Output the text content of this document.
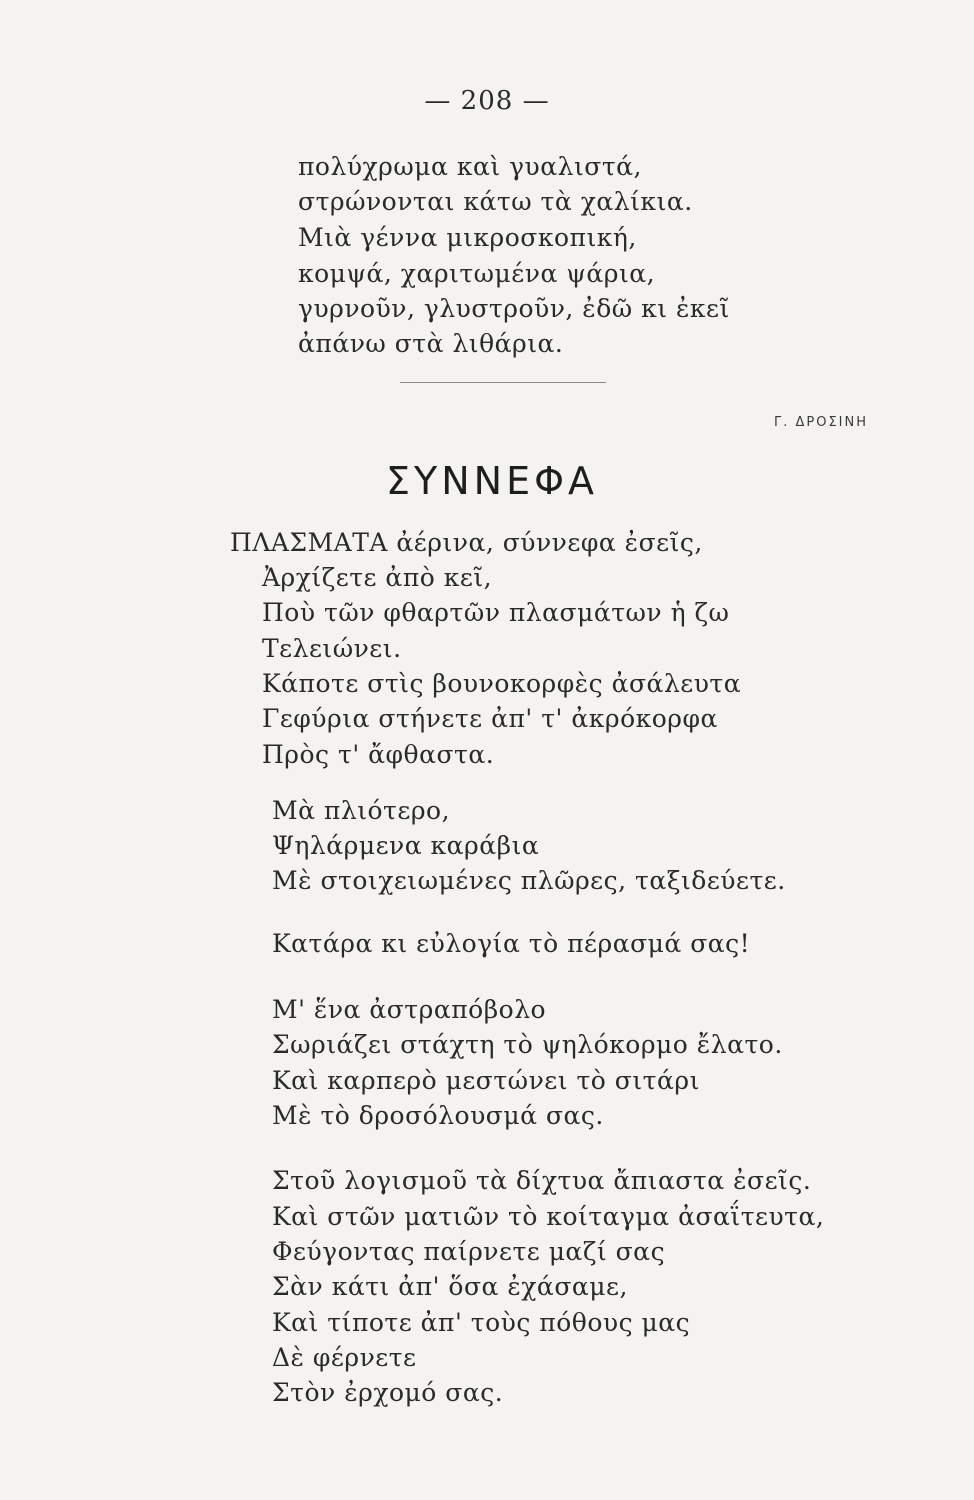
— 208 —
πολύχρωμα καὶ γυαλιστά,
στρώνονται κάτω τὰ χαλίκια.
Μιὰ γέννα μικροσκοπική,
κομψά, χαριτωμένα ψάρια,
γυρνοῦν, γλυστροῦν, ἐδῶ κι ἐκεῖ
ἀπάνω στὰ λιθάρια.
Γ. ΔΡΟΣΙΝΗ
ΣΥΝΝΕΦΑ
ΠΛΑΣΜΑΤΑ ἀέρινα, σύννεφα ἐσεῖς,
Ἀρχίζετε ἀπὸ κεῖ,
Ποὺ τῶν φθαρτῶν πλασμάτων ἡ ζω
Τελειώνει.
Κάποτε στὶς βουνοκορφὲς ἀσάλευτα
Γεφύρια στήνετε ἀπ' τ' ἀκρόκορφα
Πρὸς τ' ἄφθαστα.
Μὰ πλιότερο,
Ψηλάρμενα καράβια
Μὲ στοιχειωμένες πλῶρες, ταξιδεύετε.
Κατάρα κι εὐλογία τὸ πέρασμά σας!
Μ' ἕνα ἀστραπόβολο
Σωριάζει στάχτη τὸ ψηλόκορμο ἔλατο.
Καὶ καρπερὸ μεστώνει τὸ σιτάρι
Μὲ τὸ δροσόλουσμά σας.
Στοῦ λογισμοῦ τὰ δίχτυα ἄπιαστα ἐσεῖς.
Καὶ στῶν ματιῶν τὸ κοίταγμα ἀσαΐτευτα,
Φεύγοντας παίρνετε μαζί σας
Σὰν κάτι ἀπ' ὅσα ἐχάσαμε,
Καὶ τίποτε ἀπ' τοὺς πόθους μας
Δὲ φέρνετε
Στὸν ἐρχομό σας.
